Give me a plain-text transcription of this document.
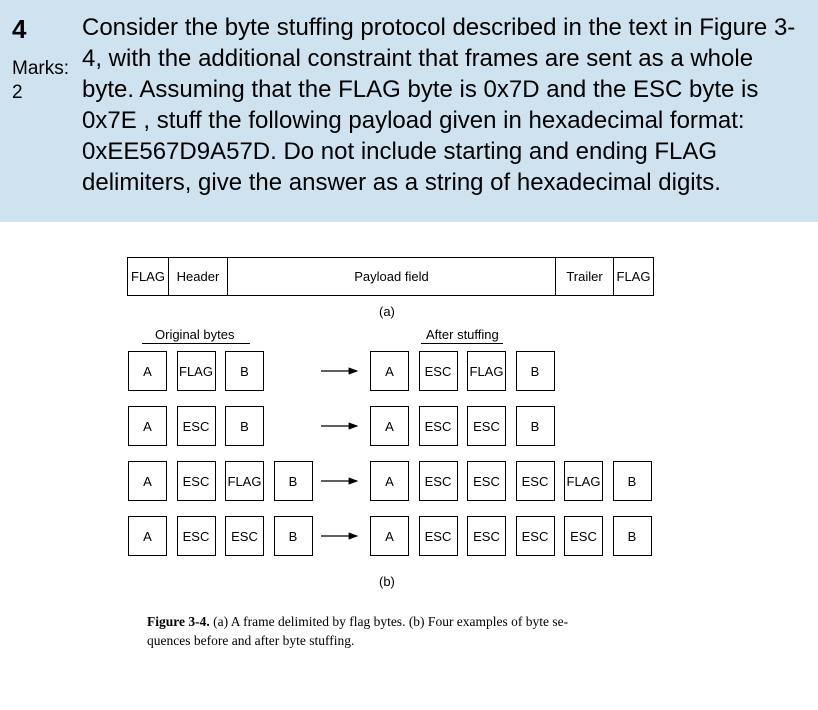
4
Marks:
2
Consider the byte stuffing protocol described in the text in Figure 3-
4, with the additional constraint that frames are sent as a whole
byte. Assuming that the FLAG byte is 0x7D and the ESC byte is
0x7E , stuff the following payload given in hexadecimal format:
0xEE567D9A57D. Do not include starting and ending FLAG
delimiters, give the answer as a string of hexadecimal digits.
FLAG Header	Payload field	Trailer	FLAG
(a)
Original bytes	After stuffing
A	FLAG	B	A	ESC	FLAG	B
A	ESC	B	A	ESC	ESC	B
A	ESC	FLAG	B	A	ESC	ESC	ESC	FLAG	B
A	ESC	ESC	B	A	ESC	ESC	ESC	ESC	B
(b)
Figure 3-4. (a) A frame delimited by flag bytes. (b) Four examples of byte se-
quences before and after byte stuffing.
